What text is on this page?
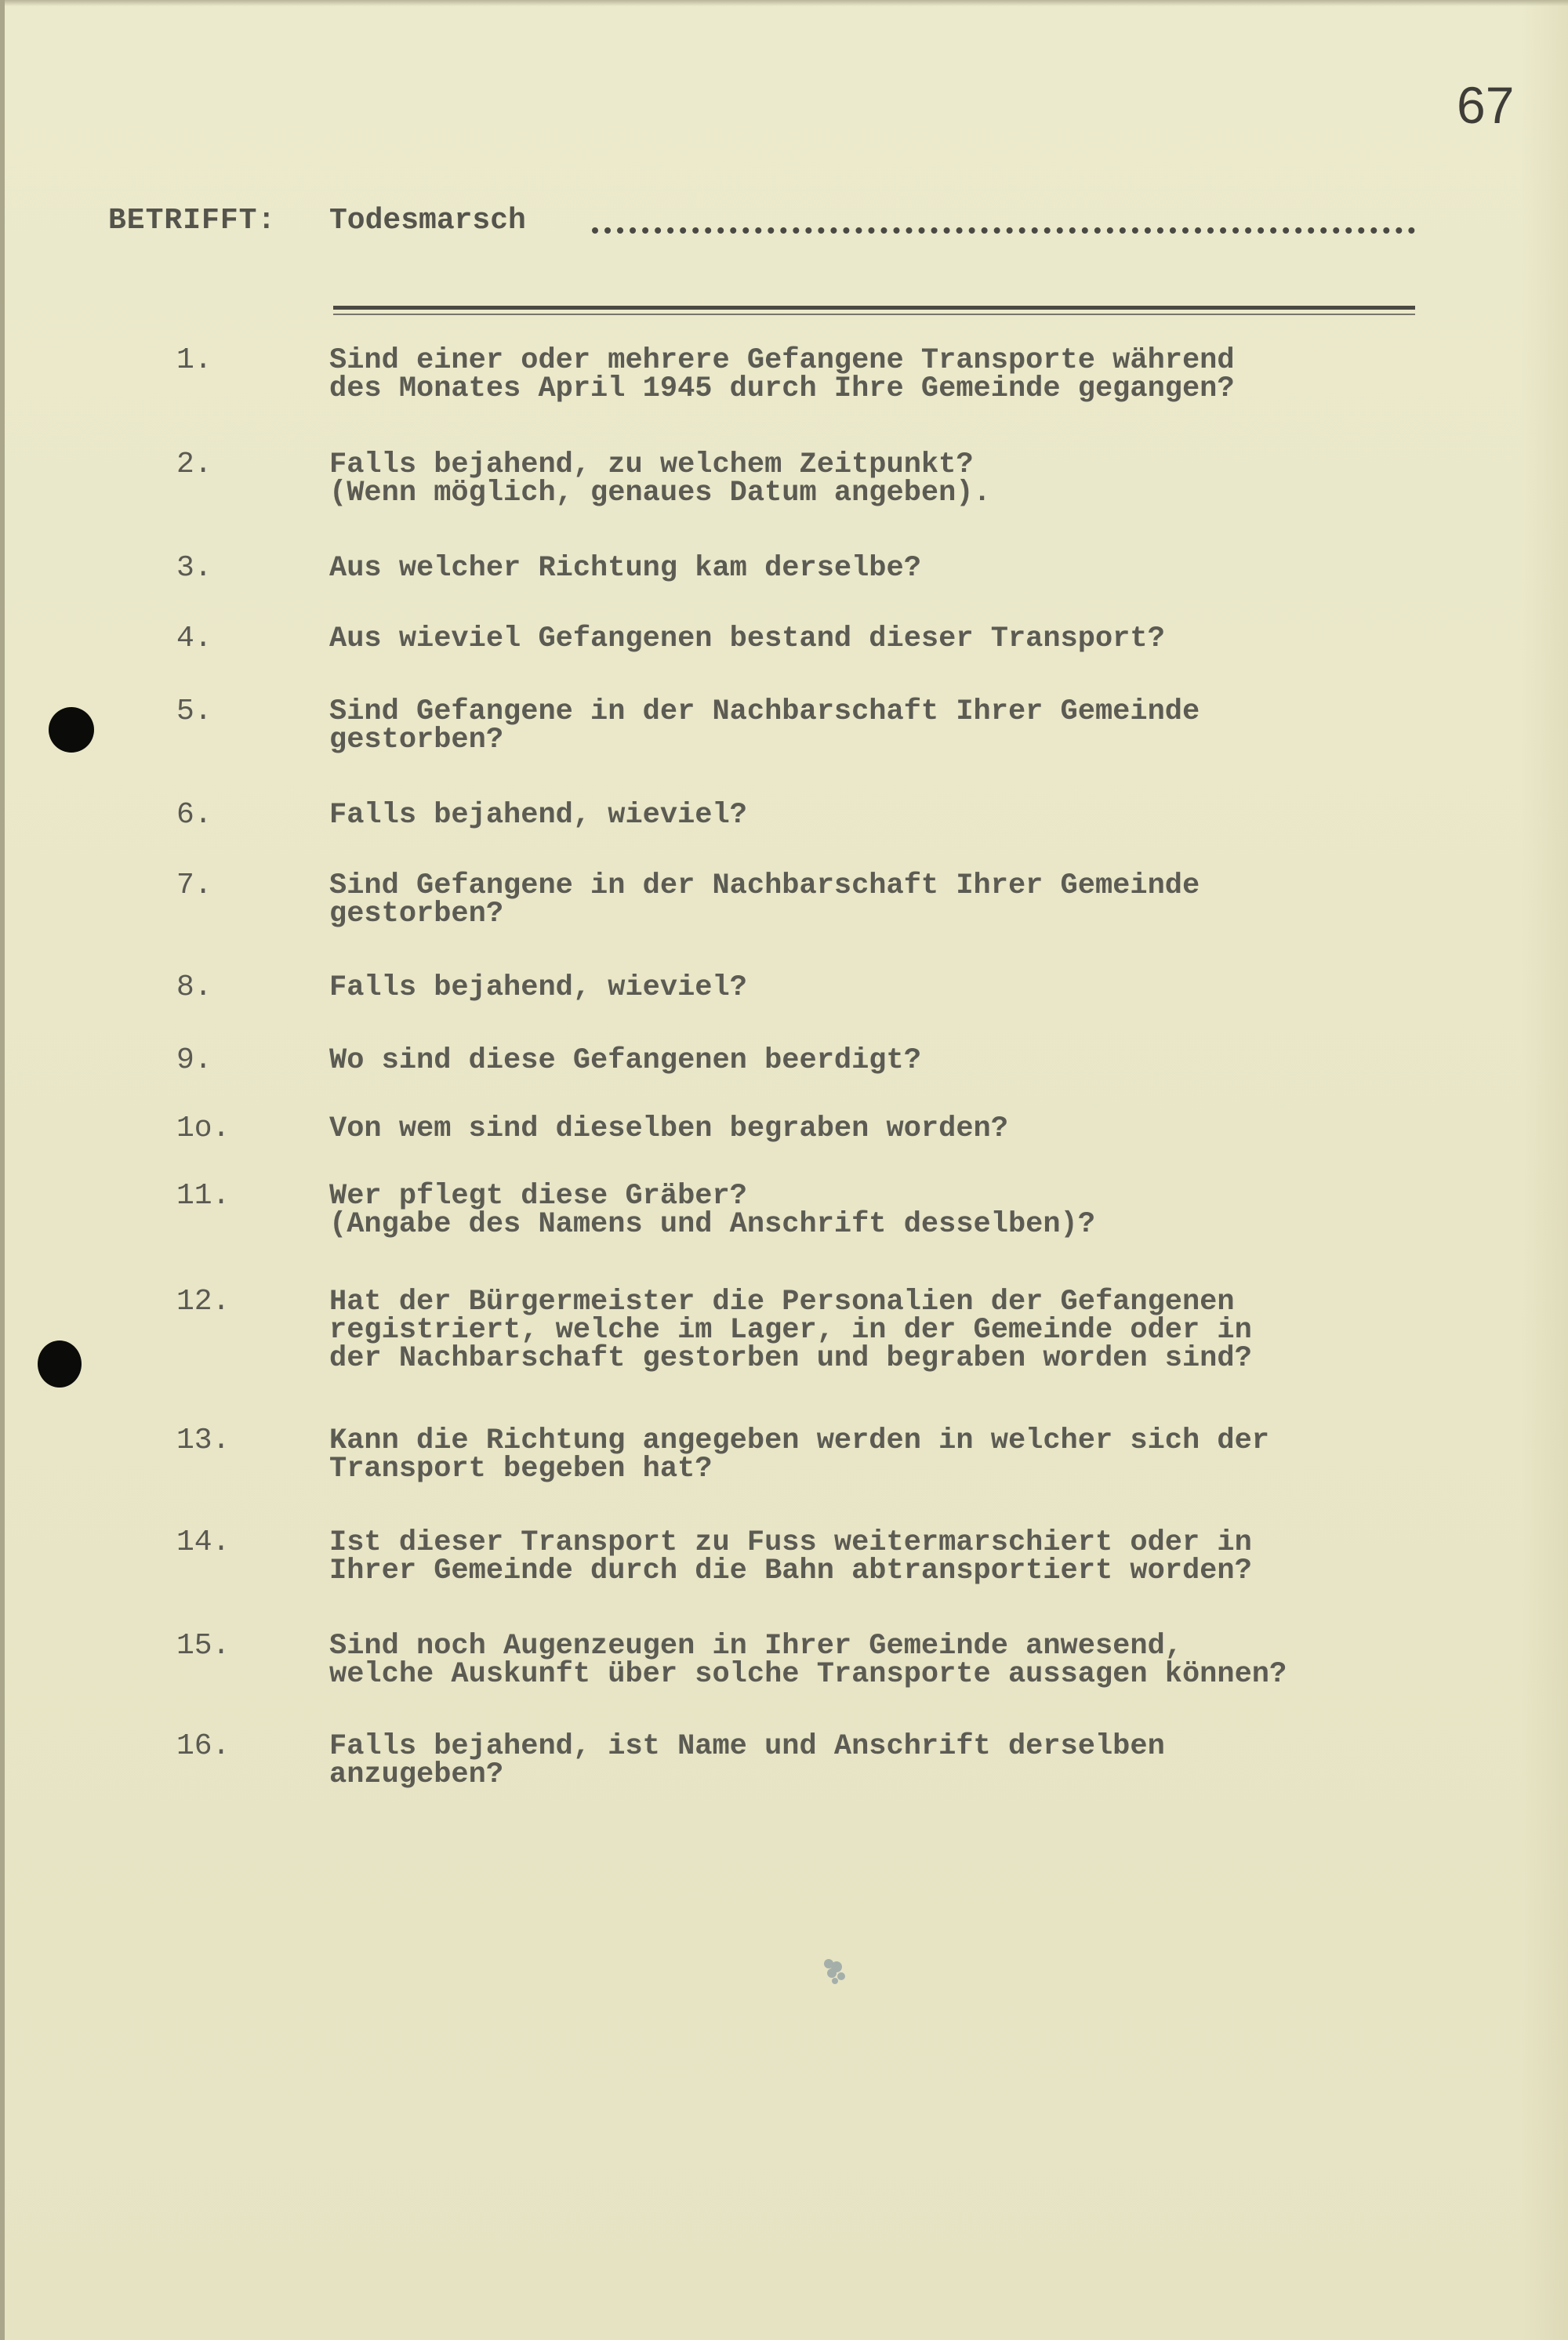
67
BETRIFFT: Todesmarsch
1.	Sind einer oder mehrere Gefangene Transporte während
des Monates April 1945 durch Ihre Gemeinde gegangen?
2.	Falls bejahend, zu welchem Zeitpunkt?
(Wenn möglich, genaues Datum angeben).
3.	Aus welcher Richtung kam derselbe?
4.	Aus wieviel Gefangenen bestand dieser Transport?
5.	Sind Gefangene in der Nachbarschaft Ihrer Gemeinde
gestorben?
6.	Falls bejahend, wieviel?
7.	Sind Gefangene in der Nachbarschaft Ihrer Gemeinde
gestorben?
8.	Falls bejahend, wieviel?
9.	Wo sind diese Gefangenen beerdigt?
1o.	Von wem sind dieselben begraben worden?
11.	Wer pflegt diese Gräber?
(Angabe des Namens und Anschrift desselben)?
12.	Hat der Bürgermeister die Personalien der Gefangenen
registriert, welche im Lager, in der Gemeinde oder in
der Nachbarschaft gestorben und begraben worden sind?
13.	Kann die Richtung angegeben werden in welcher sich der
Transport begeben hat?
14.	Ist dieser Transport zu Fuss weitermarschiert oder in
Ihrer Gemeinde durch die Bahn abtransportiert worden?
15.	Sind noch Augenzeugen in Ihrer Gemeinde anwesend,
welche Auskunft über solche Transporte aussagen können?
16.	Falls bejahend, ist Name und Anschrift derselben
anzugeben?
